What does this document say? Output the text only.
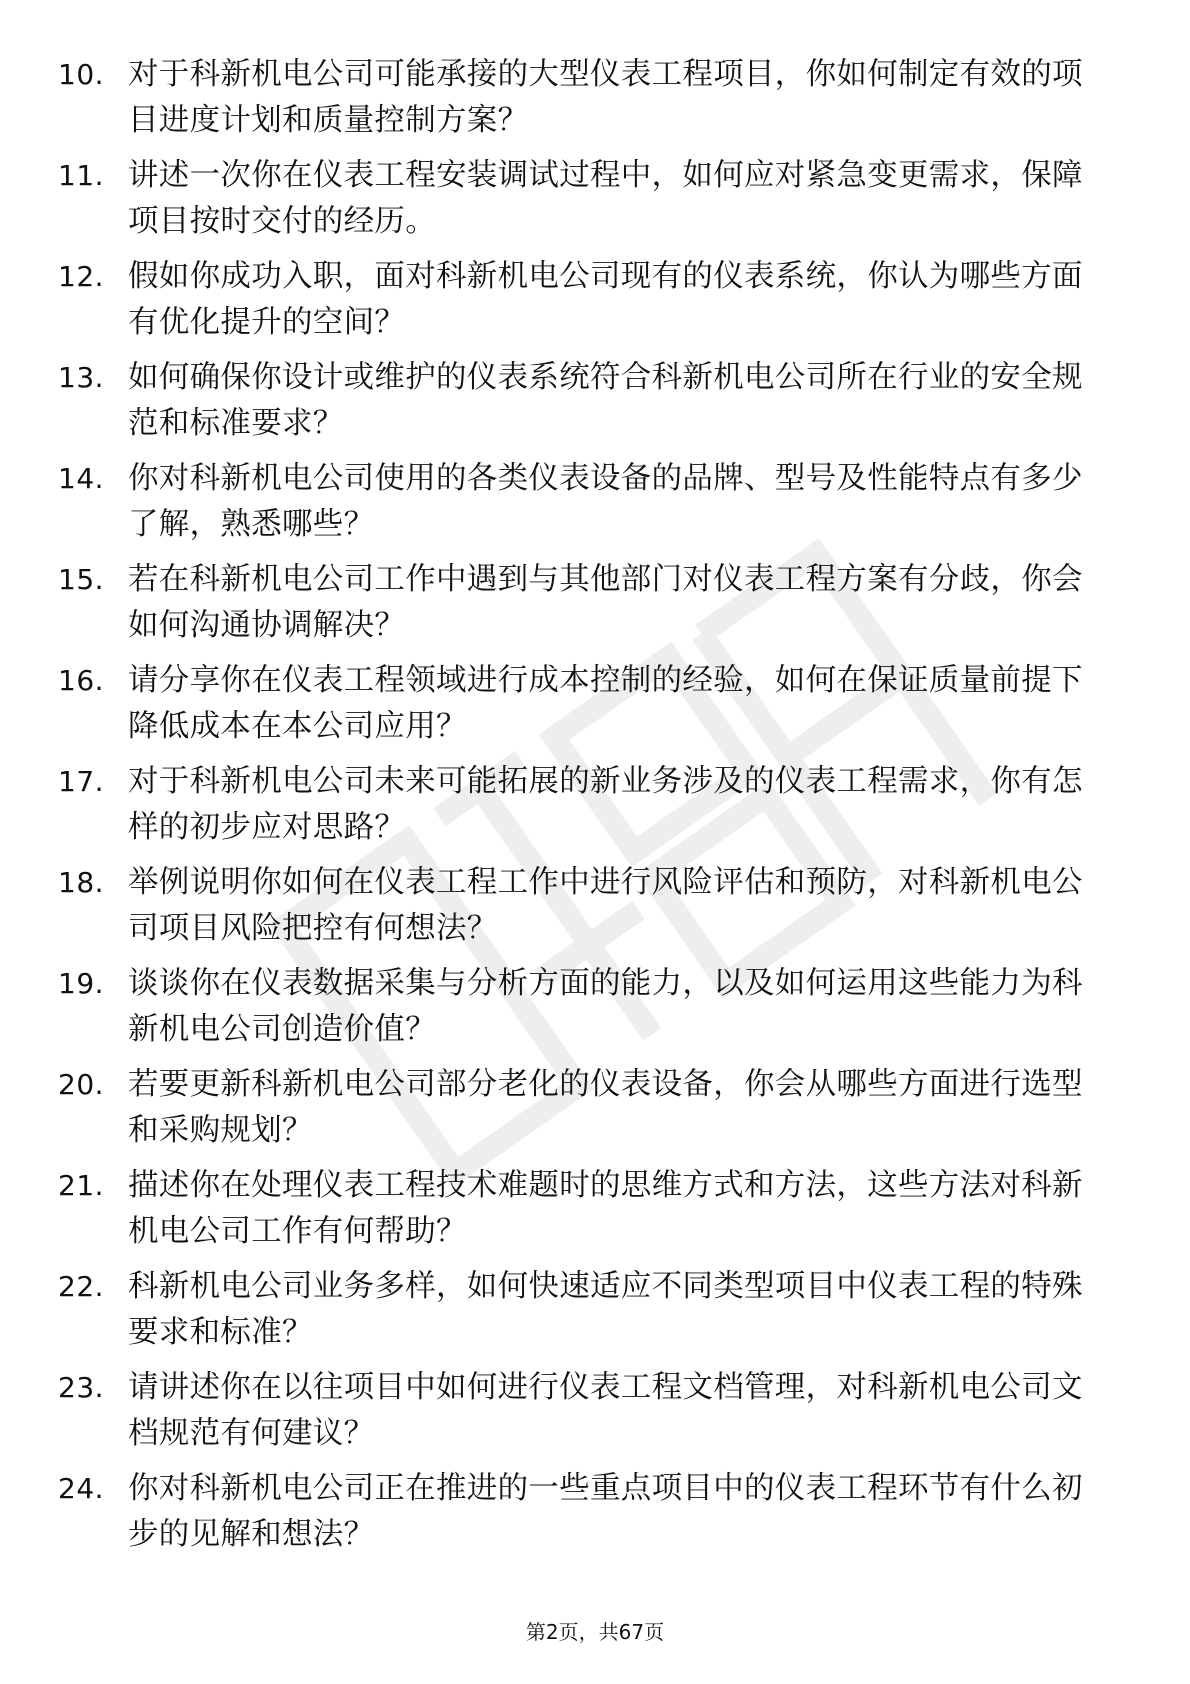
10. 对于科新机电公司可能承接的大型仪表工程项目，你如何制定有效的项目进度计划和质量控制方案？
11. 讲述一次你在仪表工程安装调试过程中，如何应对紧急变更需求，保障项目按时交付的经历。
12. 假如你成功入职，面对科新机电公司现有的仪表系统，你认为哪些方面有优化提升的空间？
13. 如何确保你设计或维护的仪表系统符合科新机电公司所在行业的安全规范和标准要求？
14. 你对科新机电公司使用的各类仪表设备的品牌、型号及性能特点有多少了解，熟悉哪些？
15. 若在科新机电公司工作中遇到与其他部门对仪表工程方案有分歧，你会如何沟通协调解决？
16. 请分享你在仪表工程领域进行成本控制的经验，如何在保证质量前提下降低成本在本公司应用？
17. 对于科新机电公司未来可能拓展的新业务涉及的仪表工程需求，你有怎样的初步应对思路？
18. 举例说明你如何在仪表工程工作中进行风险评估和预防，对科新机电公司项目风险把控有何想法？
19. 谈谈你在仪表数据采集与分析方面的能力，以及如何运用这些能力为科新机电公司创造价值？
20. 若要更新科新机电公司部分老化的仪表设备，你会从哪些方面进行选型和采购规划？
21. 描述你在处理仪表工程技术难题时的思维方式和方法，这些方法对科新机电公司工作有何帮助？
22. 科新机电公司业务多样，如何快速适应不同类型项目中仪表工程的特殊要求和标准？
23. 请讲述你在以往项目中如何进行仪表工程文档管理，对科新机电公司文档规范有何建议？
24. 你对科新机电公司正在推进的一些重点项目中的仪表工程环节有什么初步的见解和想法？
第2页，共67页
